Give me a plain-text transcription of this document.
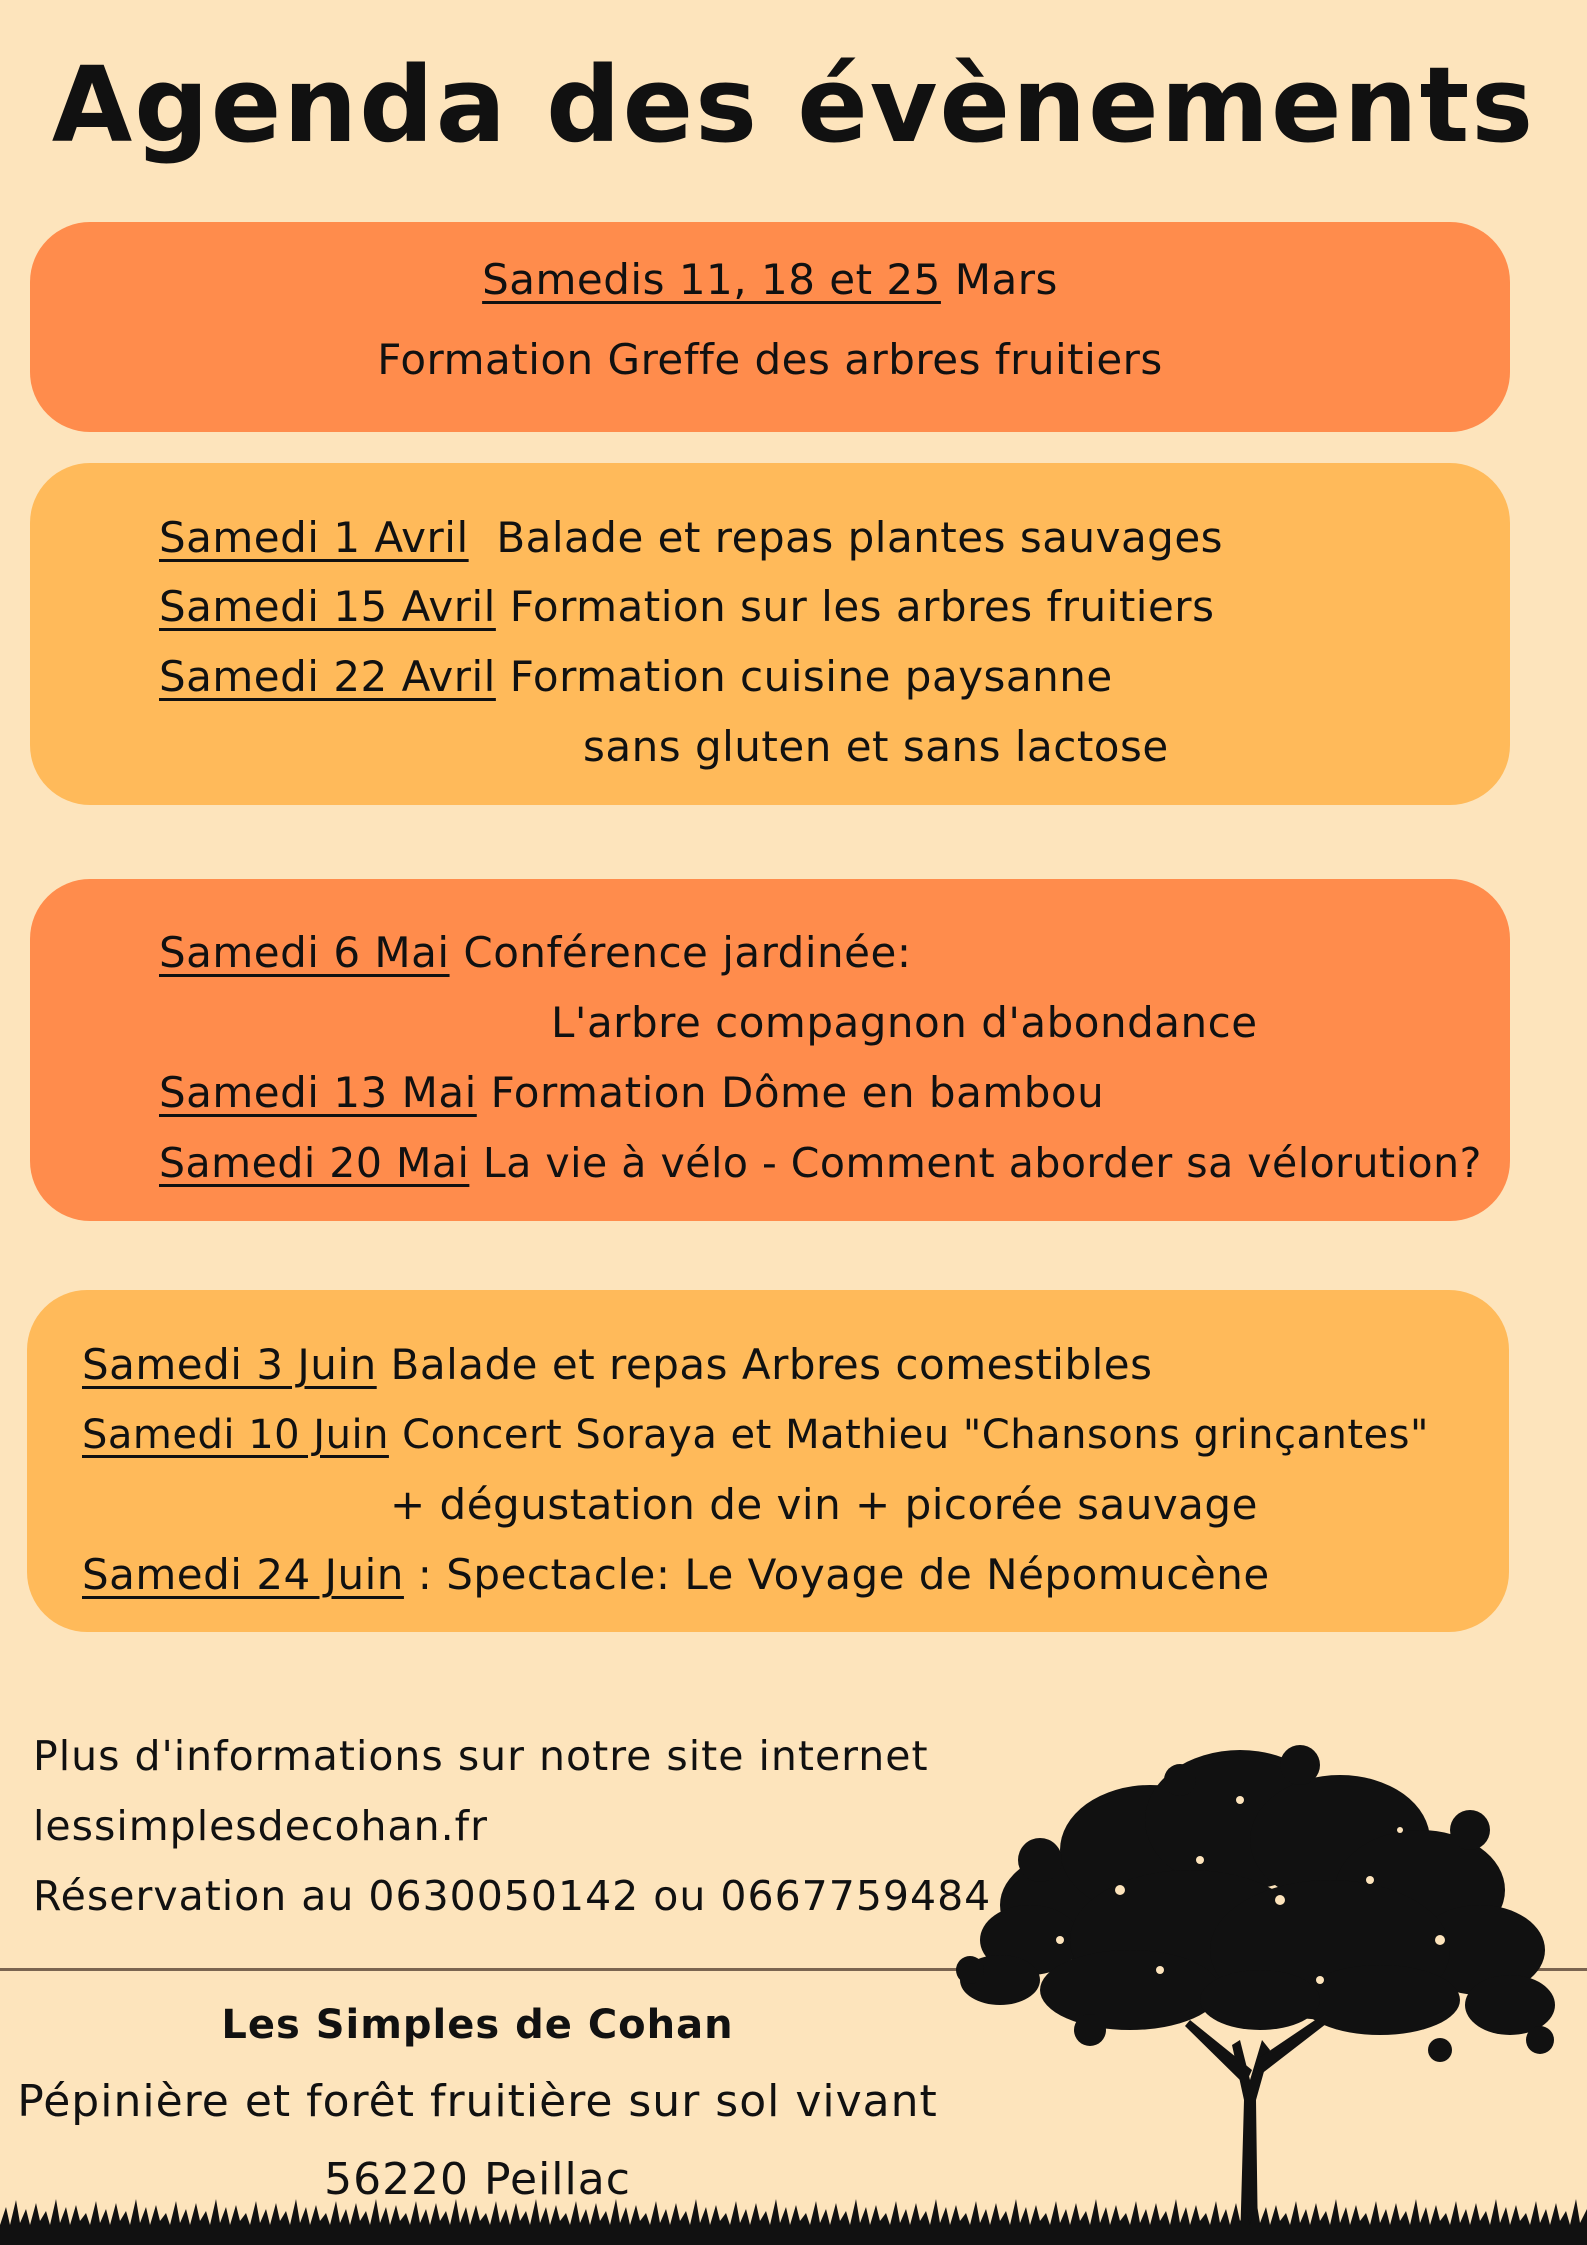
Agenda des évènements
Samedis 11, 18 et 25 Mars
Formation Greffe des arbres fruitiers
Samedi 1 Avril  Balade et repas plantes sauvages
Samedi 15 Avril Formation sur les arbres fruitiers
Samedi 22 Avril Formation cuisine paysanne
sans gluten et sans lactose
Samedi 6 Mai Conférence jardinée:
L'arbre compagnon d'abondance
Samedi 13 Mai Formation Dôme en bambou
Samedi 20 Mai La vie à vélo - Comment aborder sa vélorution?
Samedi 3 Juin Balade et repas Arbres comestibles
Samedi 10 Juin Concert Soraya et Mathieu "Chansons grinçantes"
+ dégustation de vin + picorée sauvage
Samedi 24 Juin : Spectacle: Le Voyage de Népomucène
Plus d'informations sur notre site internet
lessimplesdecohan.fr
Réservation au 0630050142 ou 0667759484
Les Simples de Cohan
Pépinière et forêt fruitière sur sol vivant
56220 Peillac
